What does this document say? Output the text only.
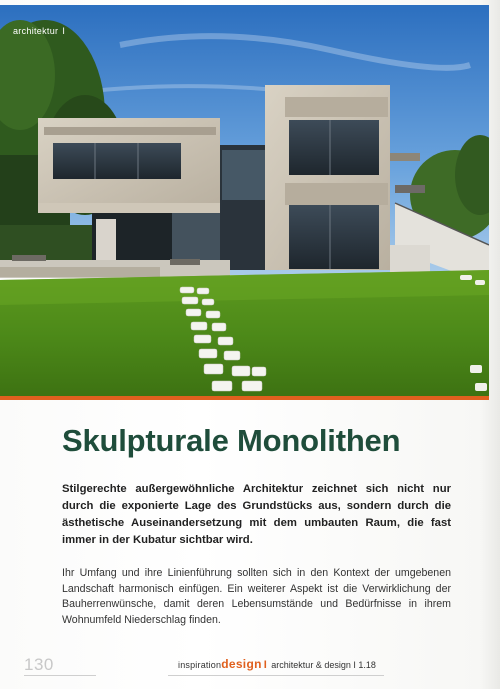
architektur I
Skulpturale Monolithen

Stilgerechte außergewöhnliche Architektur zeichnet sich nicht nur durch die exponierte Lage des Grundstücks aus, sondern durch die ästhetische Auseinandersetzung mit dem umbauten Raum, die fast immer in der Kubatur sichtbar wird.

Ihr Umfang und ihre Linienführung sollten sich in den Kontext der umgebenen Landschaft harmonisch einfügen. Ein weiterer Aspekt ist die Verwirklichung der Bauherrenwünsche, damit deren Lebensumstände und Bedürfnisse in ihrem Wohnumfeld Niederschlag finden.

130	inspirationdesign I architektur & design I 1.18
